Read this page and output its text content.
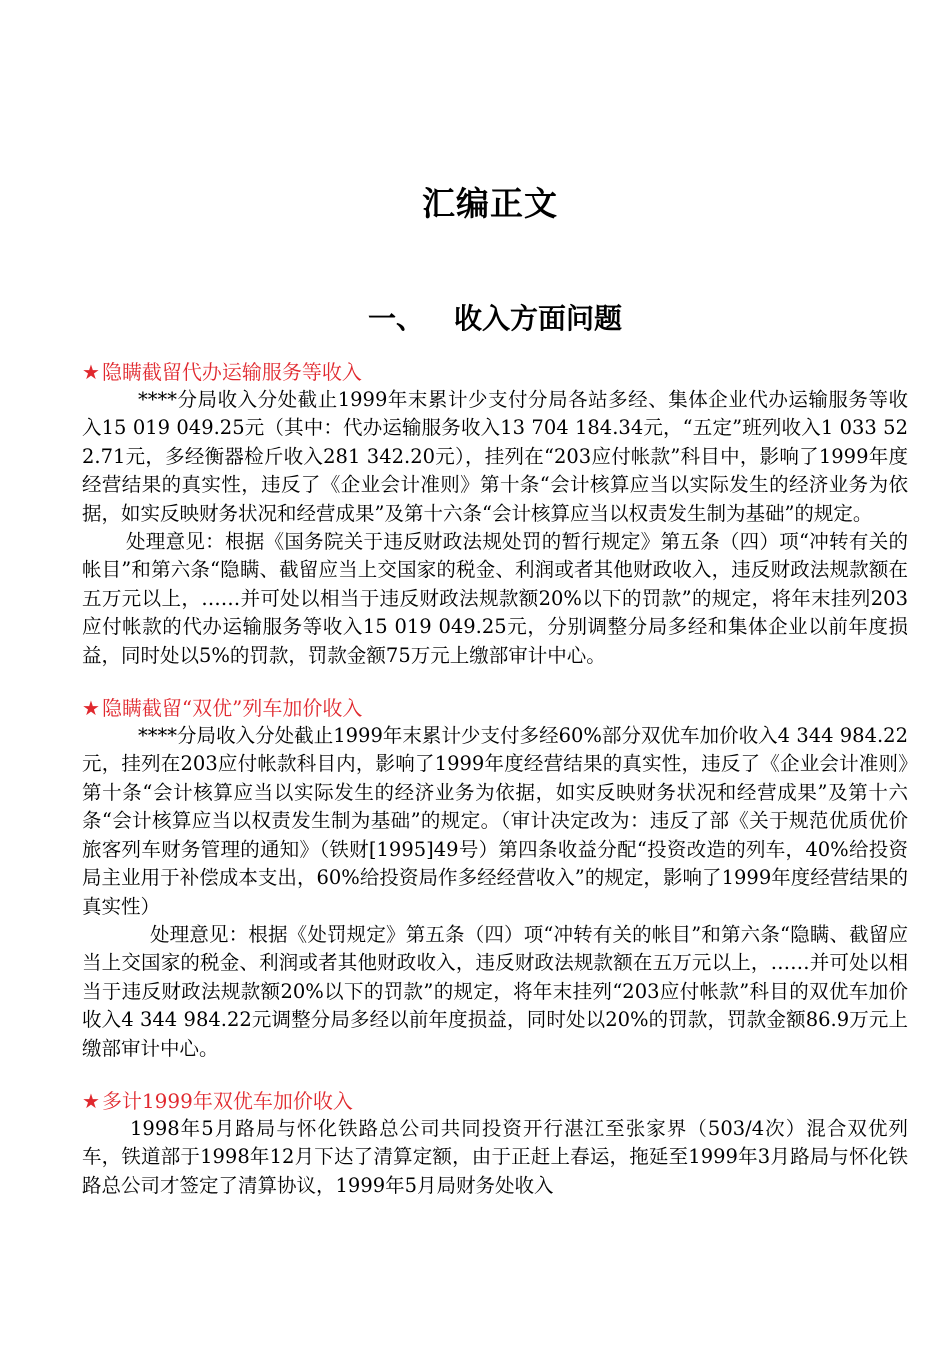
汇编正文
一、 收入方面问题

★ 隐瞒截留代办运输服务等收入

****分局收入分处截止1999年末累计少支付分局各站多经、集体企业代办运输服务等收入15 019 049.25元（其中：代办运输服务收入13 704 184.34元，“五定”班列收入1 033 522.71元，多经衡器检斤收入281 342.20元），挂列在“203应付帐款”科目中，影响了1999年度经营结果的真实性，违反了《企业会计准则》第十条“会计核算应当以实际发生的经济业务为依据，如实反映财务状况和经营成果”及第十六条“会计核算应当以权责发生制为基础”的规定。

处理意见：根据《国务院关于违反财政法规处罚的暂行规定》第五条（四）项“冲转有关的帐目”和第六条“隐瞒、截留应当上交国家的税金、利润或者其他财政收入，违反财政法规款额在五万元以上，……并可处以相当于违反财政法规款额20%以下的罚款”的规定，将年末挂列203应付帐款的代办运输服务等收入15 019 049.25元，分别调整分局多经和集体企业以前年度损益，同时处以5%的罚款，罚款金额75万元上缴部审计中心。

★ 隐瞒截留“双优”列车加价收入

****分局收入分处截止1999年末累计少支付多经60%部分双优车加价收入4 344 984.22元，挂列在203应付帐款科目内，影响了1999年度经营结果的真实性，违反了《企业会计准则》第十条“会计核算应当以实际发生的经济业务为依据，如实反映财务状况和经营成果”及第十六条“会计核算应当以权责发生制为基础”的规定。（审计决定改为：违反了部《关于规范优质优价旅客列车财务管理的通知》（铁财[1995]49号）第四条收益分配“投资改造的列车，40%给投资局主业用于补偿成本支出，60%给投资局作多经经营收入”的规定，影响了1999年度经营结果的真实性）

处理意见：根据《处罚规定》第五条（四）项“冲转有关的帐目”和第六条“隐瞒、截留应当上交国家的税金、利润或者其他财政收入，违反财政法规款额在五万元以上，……并可处以相当于违反财政法规款额20%以下的罚款”的规定，将年末挂列“203应付帐款”科目的双优车加价收入4 344 984.22元调整分局多经以前年度损益，同时处以20%的罚款，罚款金额86.9万元上缴部审计中心。

★ 多计1999年双优车加价收入

1998年5月路局与怀化铁路总公司共同投资开行湛江至张家界（503/4次）混合双优列车，铁道部于1998年12月下达了清算定额，由于正赶上春运，拖延至1999年3月路局与怀化铁路总公司才签定了清算协议，1999年5月局财务处收入
